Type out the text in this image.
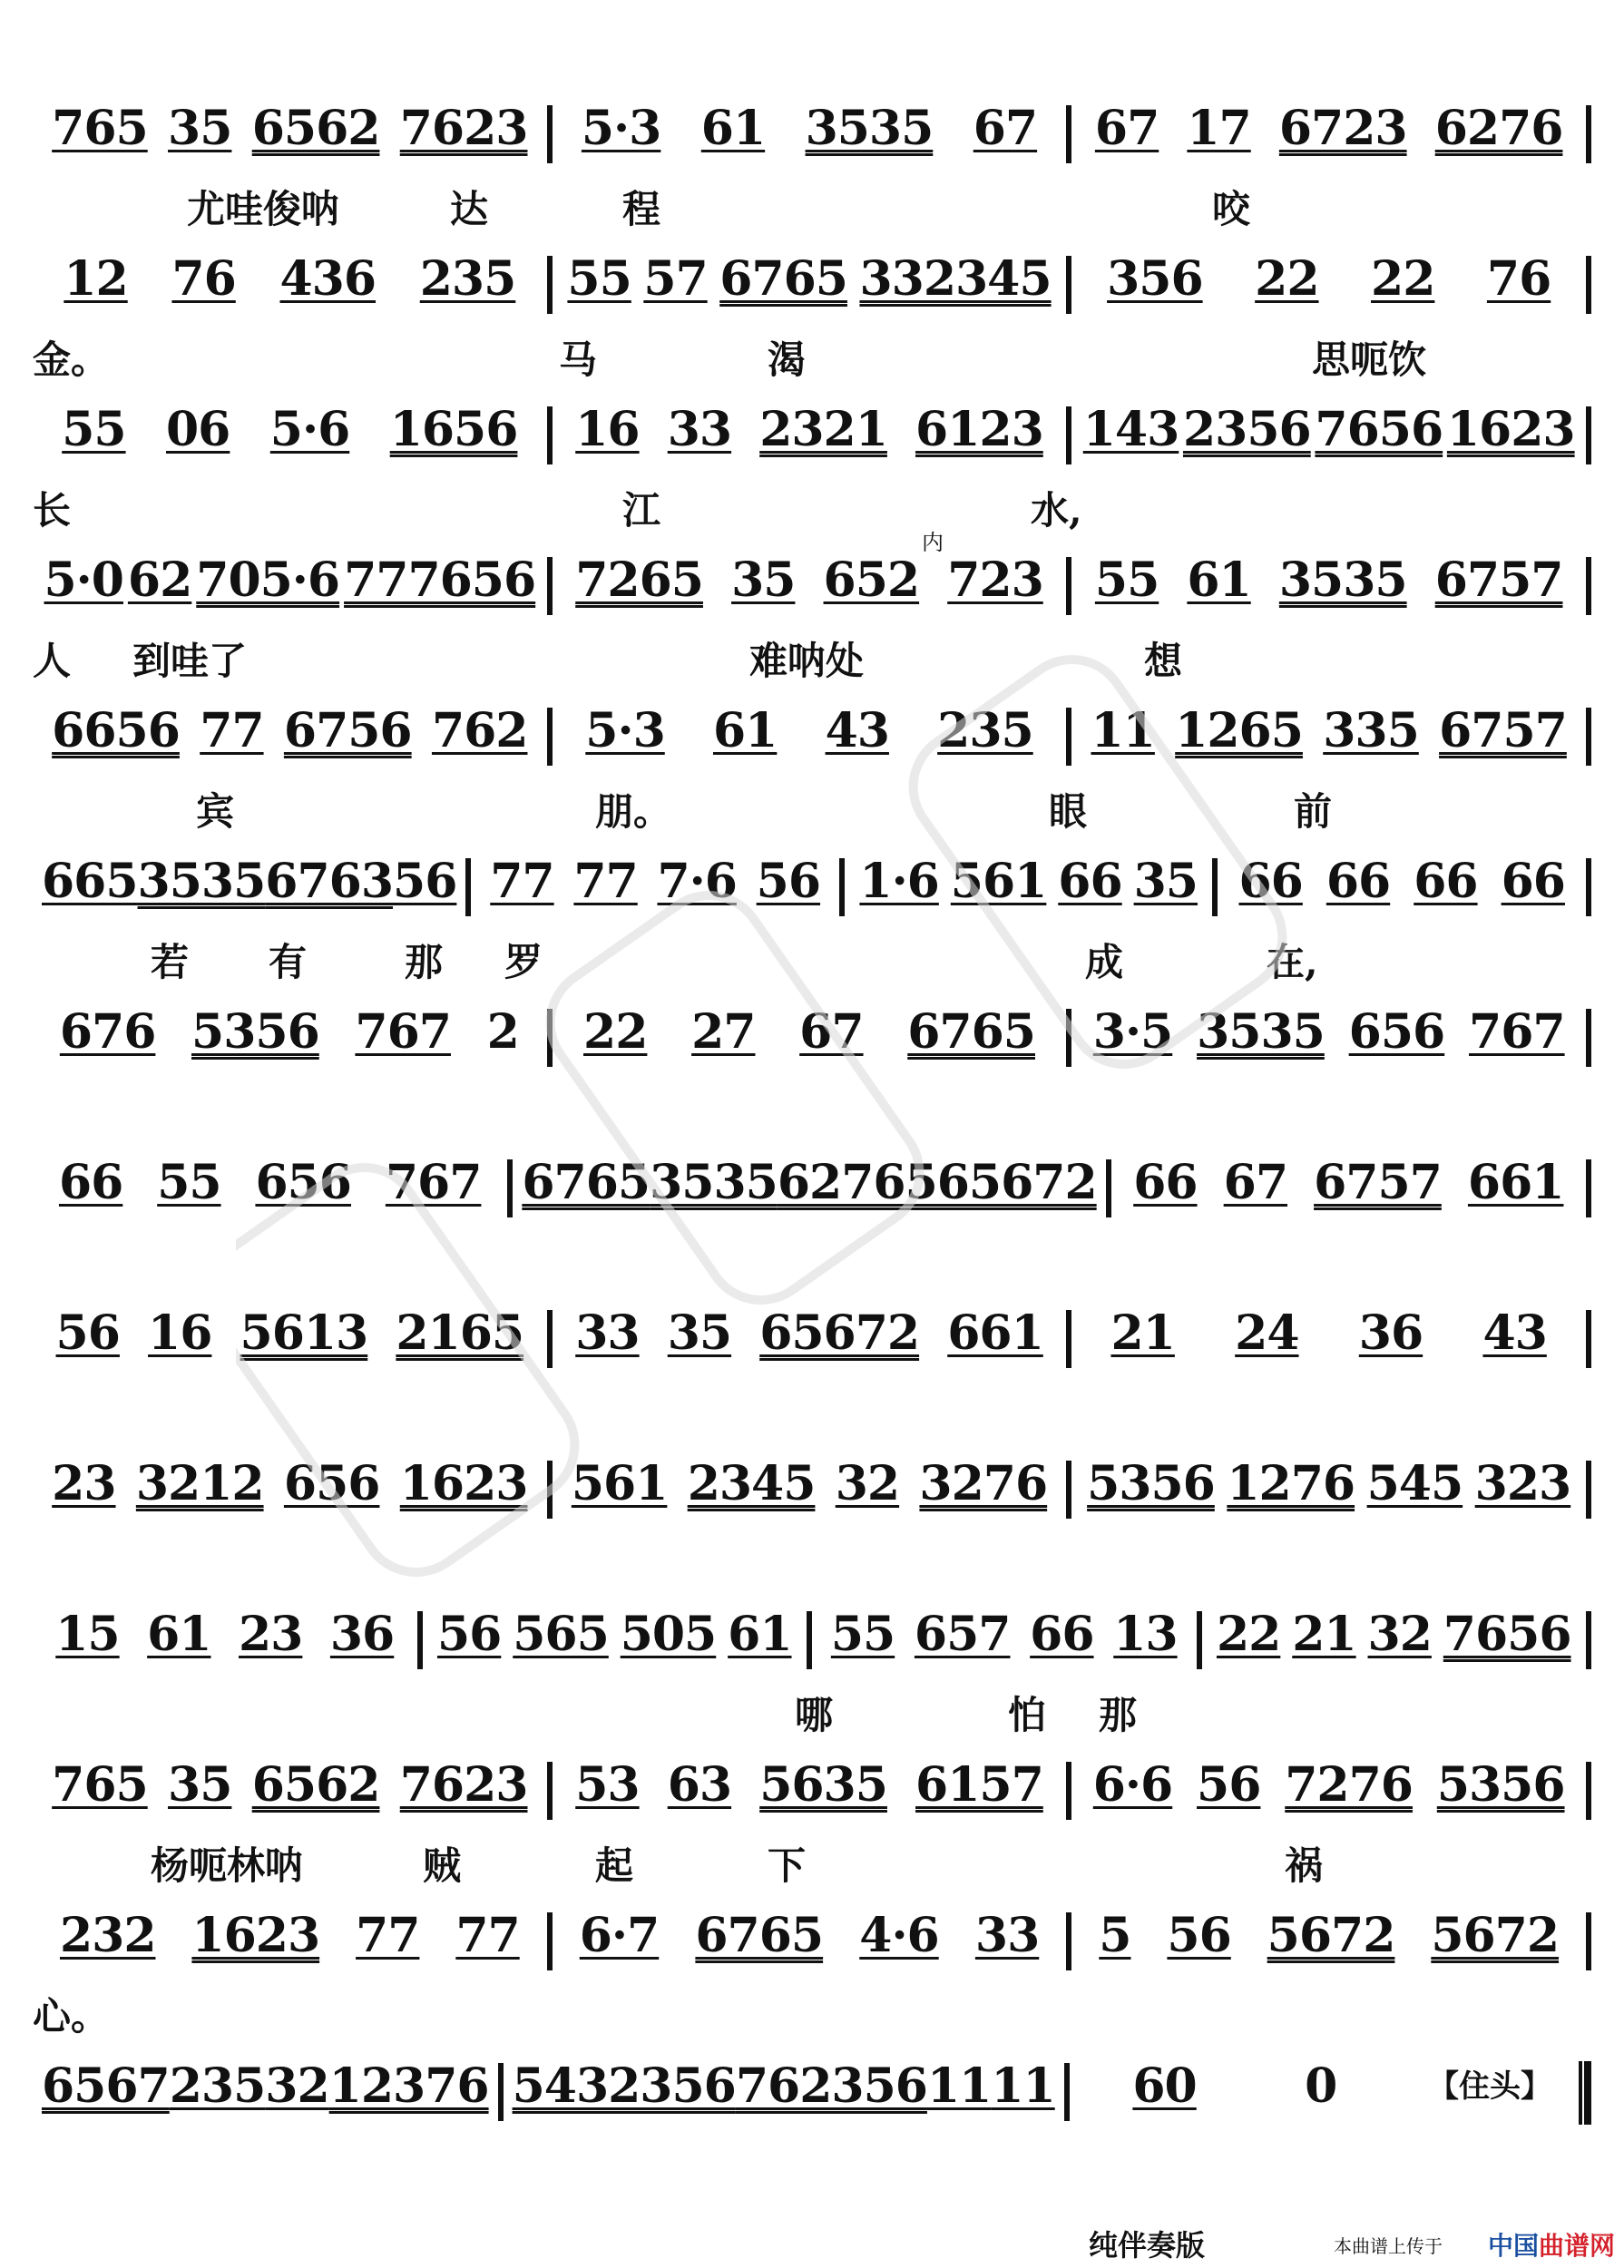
765 35 6562 7623 5·3 61 3535 67 67 17 6723 6276
尤哇俊呐	达	程	咬
12 76 436 235 55 57 6765 332345 356 22 22 76
金。	马	渴	思呃饮
55 06 5·6 1656 16 33 2321 6123 143 2356 7656 1623
长	江	水,
5·0 62 705·6 777656 7265 35 652 723 55 61 3535 6757
人 到哇了	难呐处	想
内
6656 77 6756 762 5·3 61 43 235 11 1265 335 6757
宾	朋。	眼	前
665 3535 6763 56 77 77 7·6 56 1·6 561 66 35 66 66 66 66
若 有	那 罗	成	在,
676 5356 767 2 22 27 67 6765 3·5 3535 656 767
66 55 656 767 6765 3535 6276 565672 66 67 6757 661
56 16 5613 2165 33 35 65672 661 21 24 36 43
23 3212 656 1623 561 2345 32 3276 5356 1276 545 323
15 61 23 36 56 565 505 61 55 657 66 13 22 21 32 7656
哪	怕 那
765 35 6562 7623 53 63 5635 6157 6·6 56 7276 5356
杨呃林呐	贼	起	下	祸
232 1623 77 77 6·7 6765 4·6 33 5 56 5672 5672
心。
6567 235 32 12376 5432356 762356 11 11 60 0	【住头】
纯伴奏版	本曲谱上传于 中国曲谱网
